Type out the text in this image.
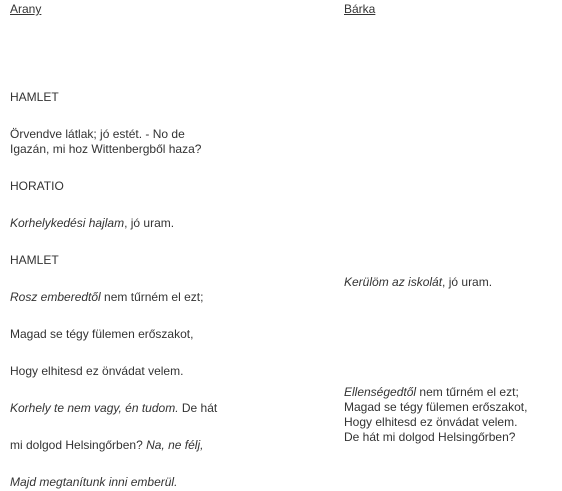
Arany	Bárka
HAMLET
Örvendve látlak; jó estét. - No de
Igazán, mi hoz Wittenbergből haza?
HORATIO
Korhelykedési hajlam, jó uram.
HAMLET
Rosz emberedtől nem tűrném el ezt;
Magad se tégy fülemen erőszakot,
Hogy elhitesd ez önvádat velem.
Korhely te nem vagy, én tudom. De hát
mi dolgod Helsingőrben? Na, ne félj,
Majd megtanítunk inni emberül.
Kerülöm az iskolát, jó uram.
Ellenségedtől nem tűrném el ezt;
Magad se tégy fülemen erőszakot,
Hogy elhitesd ez önvádat velem.
De hát mi dolgod Helsingőrben?
